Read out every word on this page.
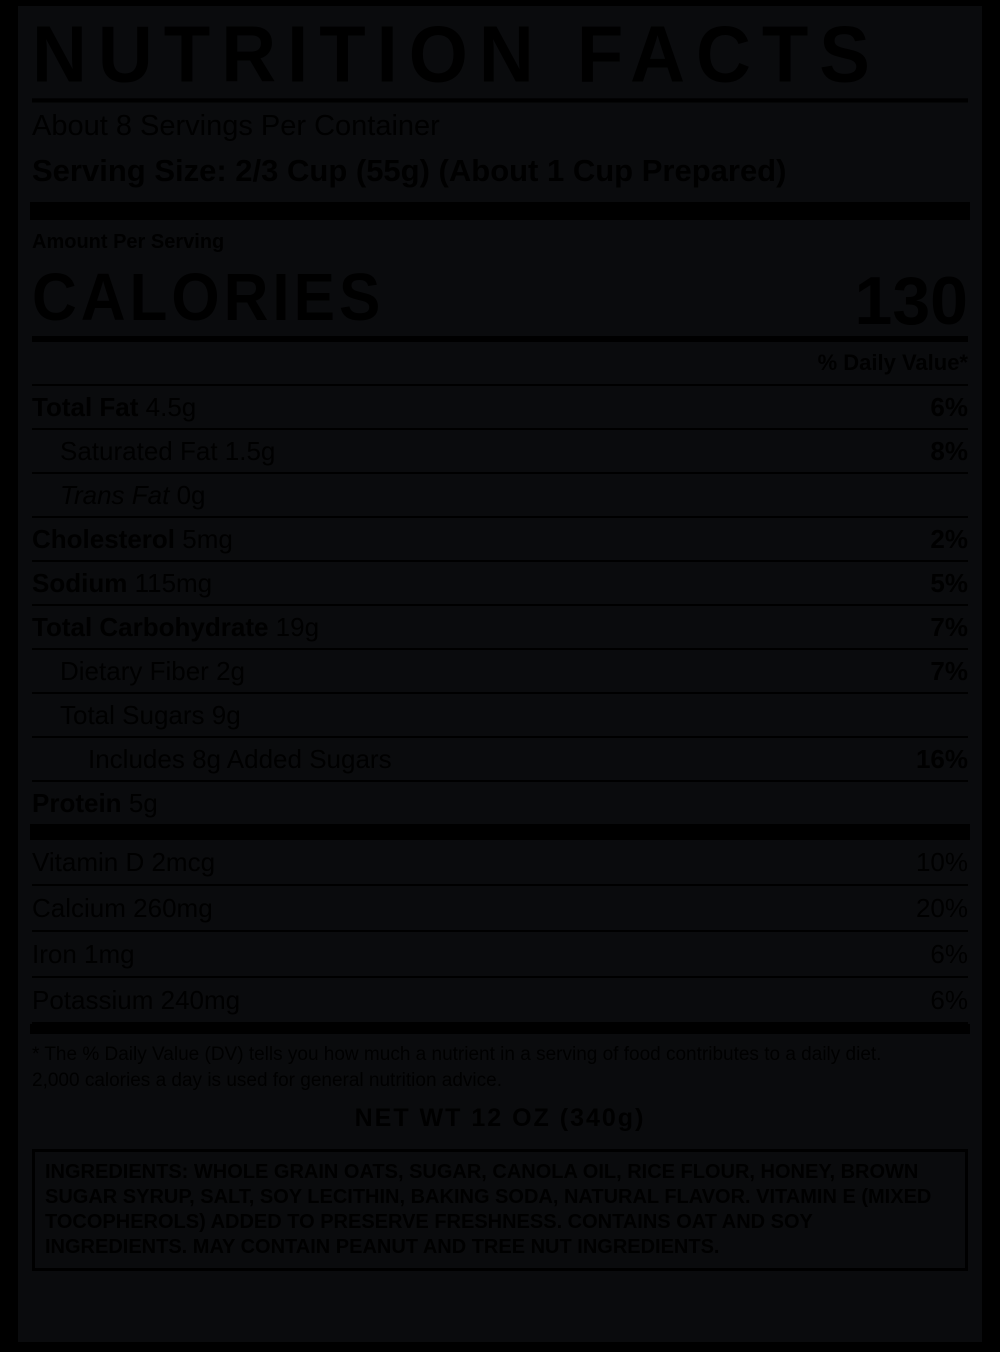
NUTRITION FACTS
About 8 Servings Per Container
Serving Size: 2/3 Cup (55g) (About 1 Cup Prepared)
Amount Per Serving
CALORIES	130
% Daily Value*
Total Fat 4.5g	6%
Saturated Fat 1.5g	8%
Trans Fat 0g
Cholesterol 5mg	2%
Sodium 115mg	5%
Total Carbohydrate 19g	7%
Dietary Fiber 2g	7%
Total Sugars 9g
Includes 8g Added Sugars	16%
Protein 5g
Vitamin D 2mcg	10%
Calcium 260mg	20%
Iron 1mg	6%
Potassium 240mg	6%
* The % Daily Value (DV) tells you how much a nutrient in a serving of food contributes to a daily diet. 2,000 calories a day is used for general nutrition advice.
NET WT 12 OZ (340g)
INGREDIENTS: WHOLE GRAIN OATS, SUGAR, CANOLA OIL, RICE FLOUR, HONEY, BROWN SUGAR SYRUP, SALT, SOY LECITHIN, BAKING SODA, NATURAL FLAVOR. VITAMIN E (MIXED TOCOPHEROLS) ADDED TO PRESERVE FRESHNESS. CONTAINS OAT AND SOY INGREDIENTS. MAY CONTAIN PEANUT AND TREE NUT INGREDIENTS.
